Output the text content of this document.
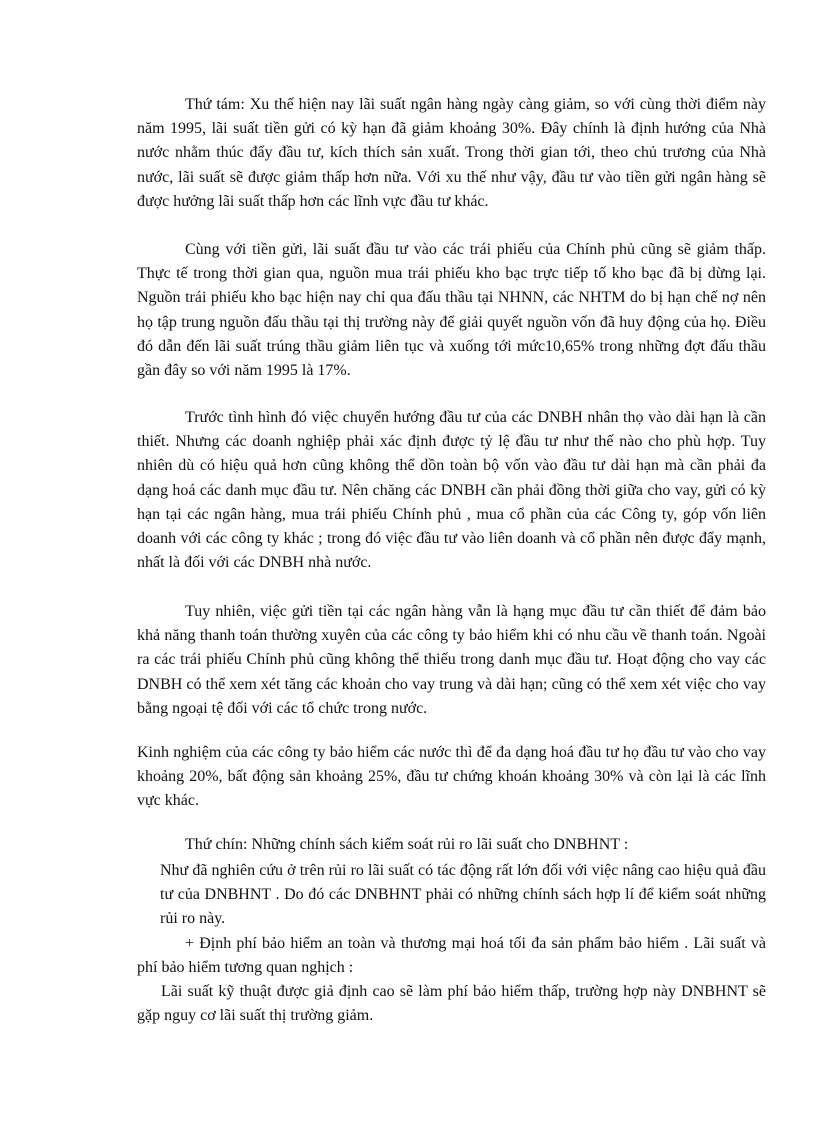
Thứ tám: Xu thế hiện nay lãi suất ngân hàng ngày càng giảm, so với cùng thời điểm này năm 1995, lãi suất tiền gửi có kỳ hạn đã giảm khoảng 30%. Đây chính là định hướng của Nhà nước nhằm thúc đẩy đầu tư, kích thích sản xuất. Trong thời gian tới, theo chủ trương của Nhà nước, lãi suất sẽ được giảm thấp hơn nữa. Với xu thế như vậy, đầu tư vào tiền gửi ngân hàng sẽ được hưởng lãi suất thấp hơn các lĩnh vực đầu tư khác.

Cùng với tiền gửi, lãi suất đầu tư vào các trái phiếu của Chính phủ cũng sẽ giảm thấp. Thực tế trong thời gian qua, nguồn mua trái phiếu kho bạc trực tiếp tố kho bạc đã bị dừng lại. Nguồn trái phiếu kho bạc hiện nay chỉ qua đấu thầu tại NHNN, các NHTM do bị hạn chế nợ nên họ tập trung nguồn đấu thầu tại thị trường này để giải quyết nguồn vốn đã huy động của họ. Điều đó dẫn đến lãi suất trúng thầu giảm liên tục và xuống tới mức10,65% trong những đợt đấu thầu gần đây so với năm 1995 là 17%.

Trước tình hình đó việc chuyển hướng đầu tư của các DNBH nhân thọ vào dài hạn là cần thiết. Nhưng các doanh nghiệp phải xác định được tỷ lệ đầu tư như thế nào cho phù hợp. Tuy nhiên dù có hiệu quả hơn cũng không thể dồn toàn bộ vốn vào đầu tư dài hạn mà cần phải đa dạng hoá các danh mục đầu tư. Nên chăng các DNBH cần phải đồng thời giữa cho vay, gửi có kỳ hạn tại các ngân hàng, mua trái phiếu Chính phủ , mua cổ phần của các Công ty, góp vốn liên doanh với các công ty khác ; trong đó việc đầu tư vào liên doanh và cổ phần nên được đẩy mạnh, nhất là đối với các DNBH nhà nước.

Tuy nhiên, việc gửi tiền tại các ngân hàng vẫn là hạng mục đầu tư cần thiết để đảm bảo khả năng thanh toán thường xuyên của các công ty bảo hiểm khi có nhu cầu về thanh toán. Ngoài ra các trái phiếu Chính phủ cũng không thể thiếu trong danh mục đầu tư. Hoạt động cho vay các DNBH có thể xem xét tăng các khoản cho vay trung và dài hạn; cũng có thể xem xét việc cho vay bằng ngoại tệ đối với các tổ chức trong nước.

Kinh nghiệm của các công ty bảo hiểm các nước thì để đa dạng hoá đầu tư họ đầu tư vào cho vay khoảng 20%, bất động sản khoảng 25%, đầu tư chứng khoán khoảng 30% và còn lại là các lĩnh vực khác.

Thứ chín: Những chính sách kiểm soát rủi ro lãi suất cho DNBHNT :

Như đã nghiên cứu ở trên rủi ro lãi suất có tác động rất lớn đối với việc nâng cao hiệu quả đầu tư của DNBHNT . Do đó các DNBHNT phải có những chính sách hợp lí để kiểm soát những rủi ro này.

+ Định phí bảo hiểm an toàn và thương mại hoá tối đa sản phẩm bảo hiểm . Lãi suất và phí bảo hiểm tương quan nghịch :

Lãi suất kỹ thuật được giả định cao sẽ làm phí bảo hiểm thấp, trường hợp này DNBHNT sẽ gặp nguy cơ lãi suất thị trường giảm.
